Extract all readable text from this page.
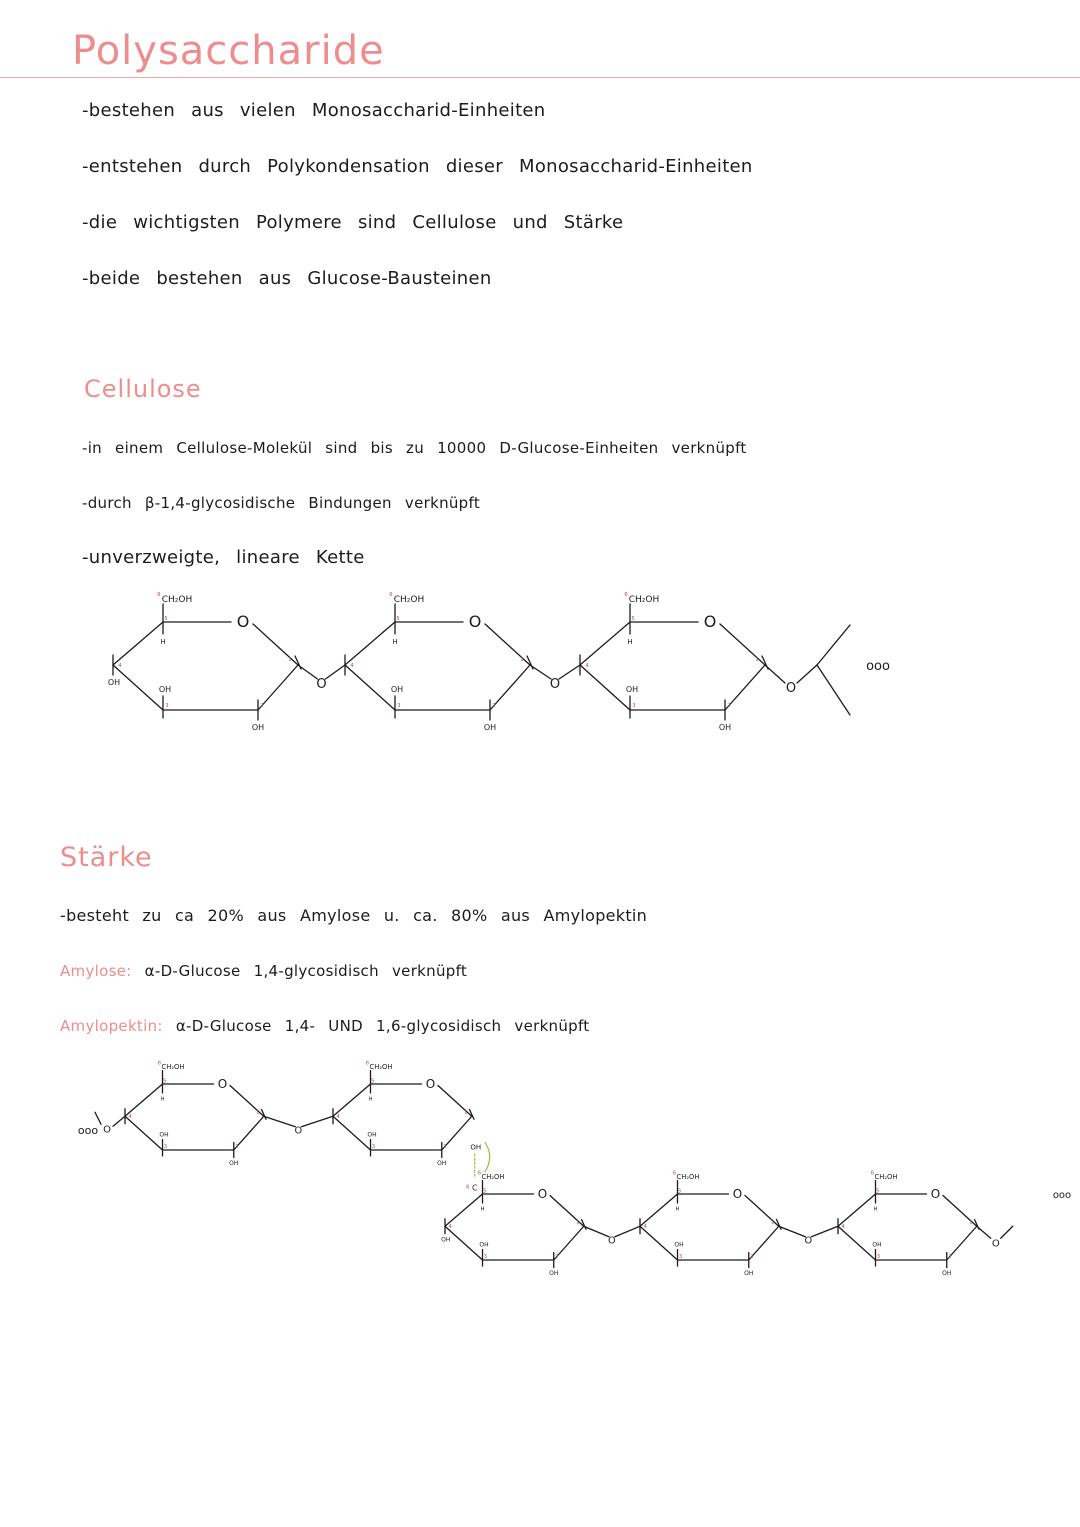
Polysaccharide
-bestehen aus vielen Monosaccharid-Einheiten
-entstehen durch Polykondensation dieser Monosaccharid-Einheiten
-die wichtigsten Polymere sind Cellulose und Stärke
-beide bestehen aus Glucose-Bausteinen
Cellulose
-in einem Cellulose-Molekül sind bis zu 10000 D-Glucose-Einheiten verknüpft
-durch β-1,4-glycosidische Bindungen verknüpft
-unverzweigte, lineare Kette
O
CH₂OH
6
H
OH
OH
OH
4
5
1
2
3
O
CH₂OH
6
H
OH
OH
4
5
1
2
3
O
CH₂OH
6
H
OH
OH
4
5
1
2
3
O	O	O
ooo
Stärke
-besteht zu ca 20% aus Amylose u. ca. 80% aus Amylopektin
Amylose: α-D-Glucose 1,4-glycosidisch verknüpft
Amylopektin: α-D-Glucose 1,4- UND 1,6-glycosidisch verknüpft
O
CH₂OH
6
H
OH
OH
4
5
1
2
3
O
CH₂OH
6
H
OH
OH
4
5
1
2
3
O
ooo O
OH
C
6	O
CH₂OH
6
H
OH
OH
OH
4
5
1
2
3
O
CH₂OH
6
H
OH
OH
4
5
1
2
3
O
CH₂OH
6
H
OH
OH
4
5
1
2
3
O	O	O
ooo
